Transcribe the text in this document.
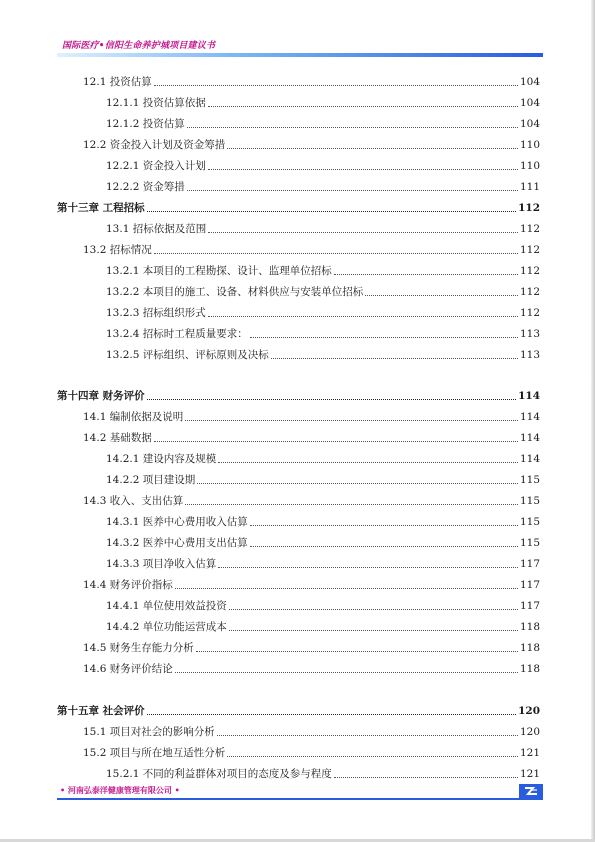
国际医疗•信阳生命养护城项目建议书
12.1 投资估算	104
12.1.1 投资估算依据	104
12.1.2 投资估算	104
12.2 资金投入计划及资金筹措	110
12.2.1 资金投入计划	110
12.2.2 资金筹措	111
第十三章 工程招标	112
13.1 招标依据及范围	112
13.2 招标情况	112
13.2.1 本项目的工程勘探、设计、监理单位招标	112
13.2.2 本项目的施工、设备、材料供应与安装单位招标	112
13.2.3 招标组织形式	112
13.2.4 招标时工程质量要求：	113
13.2.5 评标组织、评标原则及决标	113
第十四章 财务评价	114
14.1 编制依据及说明	114
14.2 基础数据	114
14.2.1 建设内容及规模	114
14.2.2 项目建设期	115
14.3 收入、支出估算	115
14.3.1 医养中心费用收入估算	115
14.3.2 医养中心费用支出估算	115
14.3.3 项目净收入估算	117
14.4 财务评价指标	117
14.4.1 单位使用效益投资	117
14.4.2 单位功能运营成本	118
14.5 财务生存能力分析	118
14.6 财务评价结论	118
第十五章 社会评价	120
15.1 项目对社会的影响分析	120
15.2 项目与所在地互适性分析	121
15.2.1 不同的利益群体对项目的态度及参与程度	121
• 河南弘泰洋健康管理有限公司 •
